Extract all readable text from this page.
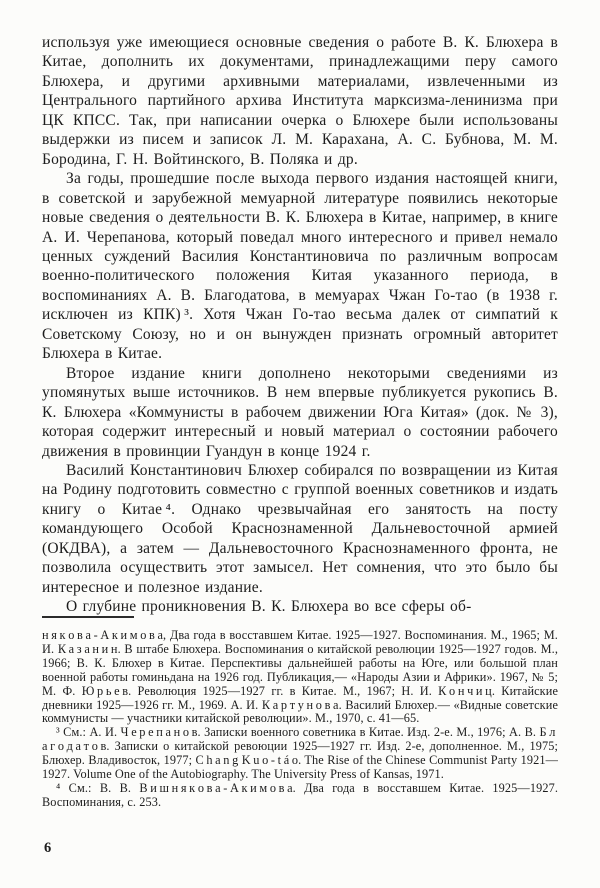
используя уже имеющиеся основные сведения о работе В. К. Блюхера в Китае, дополнить их документами, принадлежащими перу самого Блюхера, и другими архивными материалами, извлеченными из Центрального партийного архива Института марксизма-ленинизма при ЦК КПСС. Так, при написании очерка о Блюхере были использованы выдержки из писем и записок Л. М. Карахана, А. С. Бубнова, М. М. Бородина, Г. Н. Войтинского, В. Поляка и др.

За годы, прошедшие после выхода первого издания настоящей книги, в советской и зарубежной мемуарной литературе появились некоторые новые сведения о деятельности В. К. Блюхера в Китае, например, в книге А. И. Черепанова, который поведал много интересного и привел немало ценных суждений Василия Константиновича по различным вопросам военно-политического положения Китая указанного периода, в воспоминаниях А. В. Благодатова, в мемуарах Чжан Го-тао (в 1938 г. исключен из КПК) ³. Хотя Чжан Го-тао весьма далек от симпатий к Советскому Союзу, но и он вынужден признать огромный авторитет Блюхера в Китае.

Второе издание книги дополнено некоторыми сведениями из упомянутых выше источников. В нем впервые публикуется рукопись В. К. Блюхера «Коммунисты в рабочем движении Юга Китая» (док. № 3), которая содержит интересный и новый материал о состоянии рабочего движения в провинции Гуандун в конце 1924 г.

Василий Константинович Блюхер собирался по возвращении из Китая на Родину подготовить совместно с группой военных советников и издать книгу о Китае ⁴. Однако чрезвычайная его занятость на посту командующего Особой Краснознаменной Дальневосточной армией (ОКДВА), а затем — Дальневосточного Краснознаменного фронта, не позволила осуществить этот замысел. Нет сомнения, что это было бы интересное и полезное издание.

О глубине проникновения В. К. Блюхера во все сферы об-

н я к о в а - А к и м о в а, Два года в восставшем Китае. 1925—1927. Воспоминания. М., 1965; М. И. К а з а н и н. В штабе Блюхера. Воспоминания о китайской революции 1925—1927 годов. М., 1966; В. К. Блюхер в Китае. Перспективы дальнейшей работы на Юге, или большой план военной работы гоминьдана на 1926 год. Публикация,— «Народы Азии и Африки». 1967, № 5; М. Ф. Ю р ь е в. Революция 1925—1927 гг. в Китае. М., 1967; Н. И. К о н ч и ц. Китайские дневники 1925—1926 гг. М., 1969. А. И. К а р т у н о в а. Василий Блюхер.— «Видные советские коммунисты — участники китайской революции». М., 1970, с. 41—65.

³ См.: А. И. Ч е р е п а н о в. Записки военного советника в Китае. Изд. 2-е. М., 1976; А. В. Б л а г о д а т о в. Записки о китайской ревоюции 1925—1927 гг. Изд. 2-е, дополненное. М., 1975; Блюхер. Владивосток, 1977; C h a n g K u o - t á o. The Rise of the Chinese Communist Party 1921—1927. Volume One of the Autobiography. The University Press of Kansas, 1971.

⁴ См.: В. В. В и ш н я к о в а - А к и м о в а. Два года в восставшем Китае. 1925—1927. Воспоминания, с. 253.

6
